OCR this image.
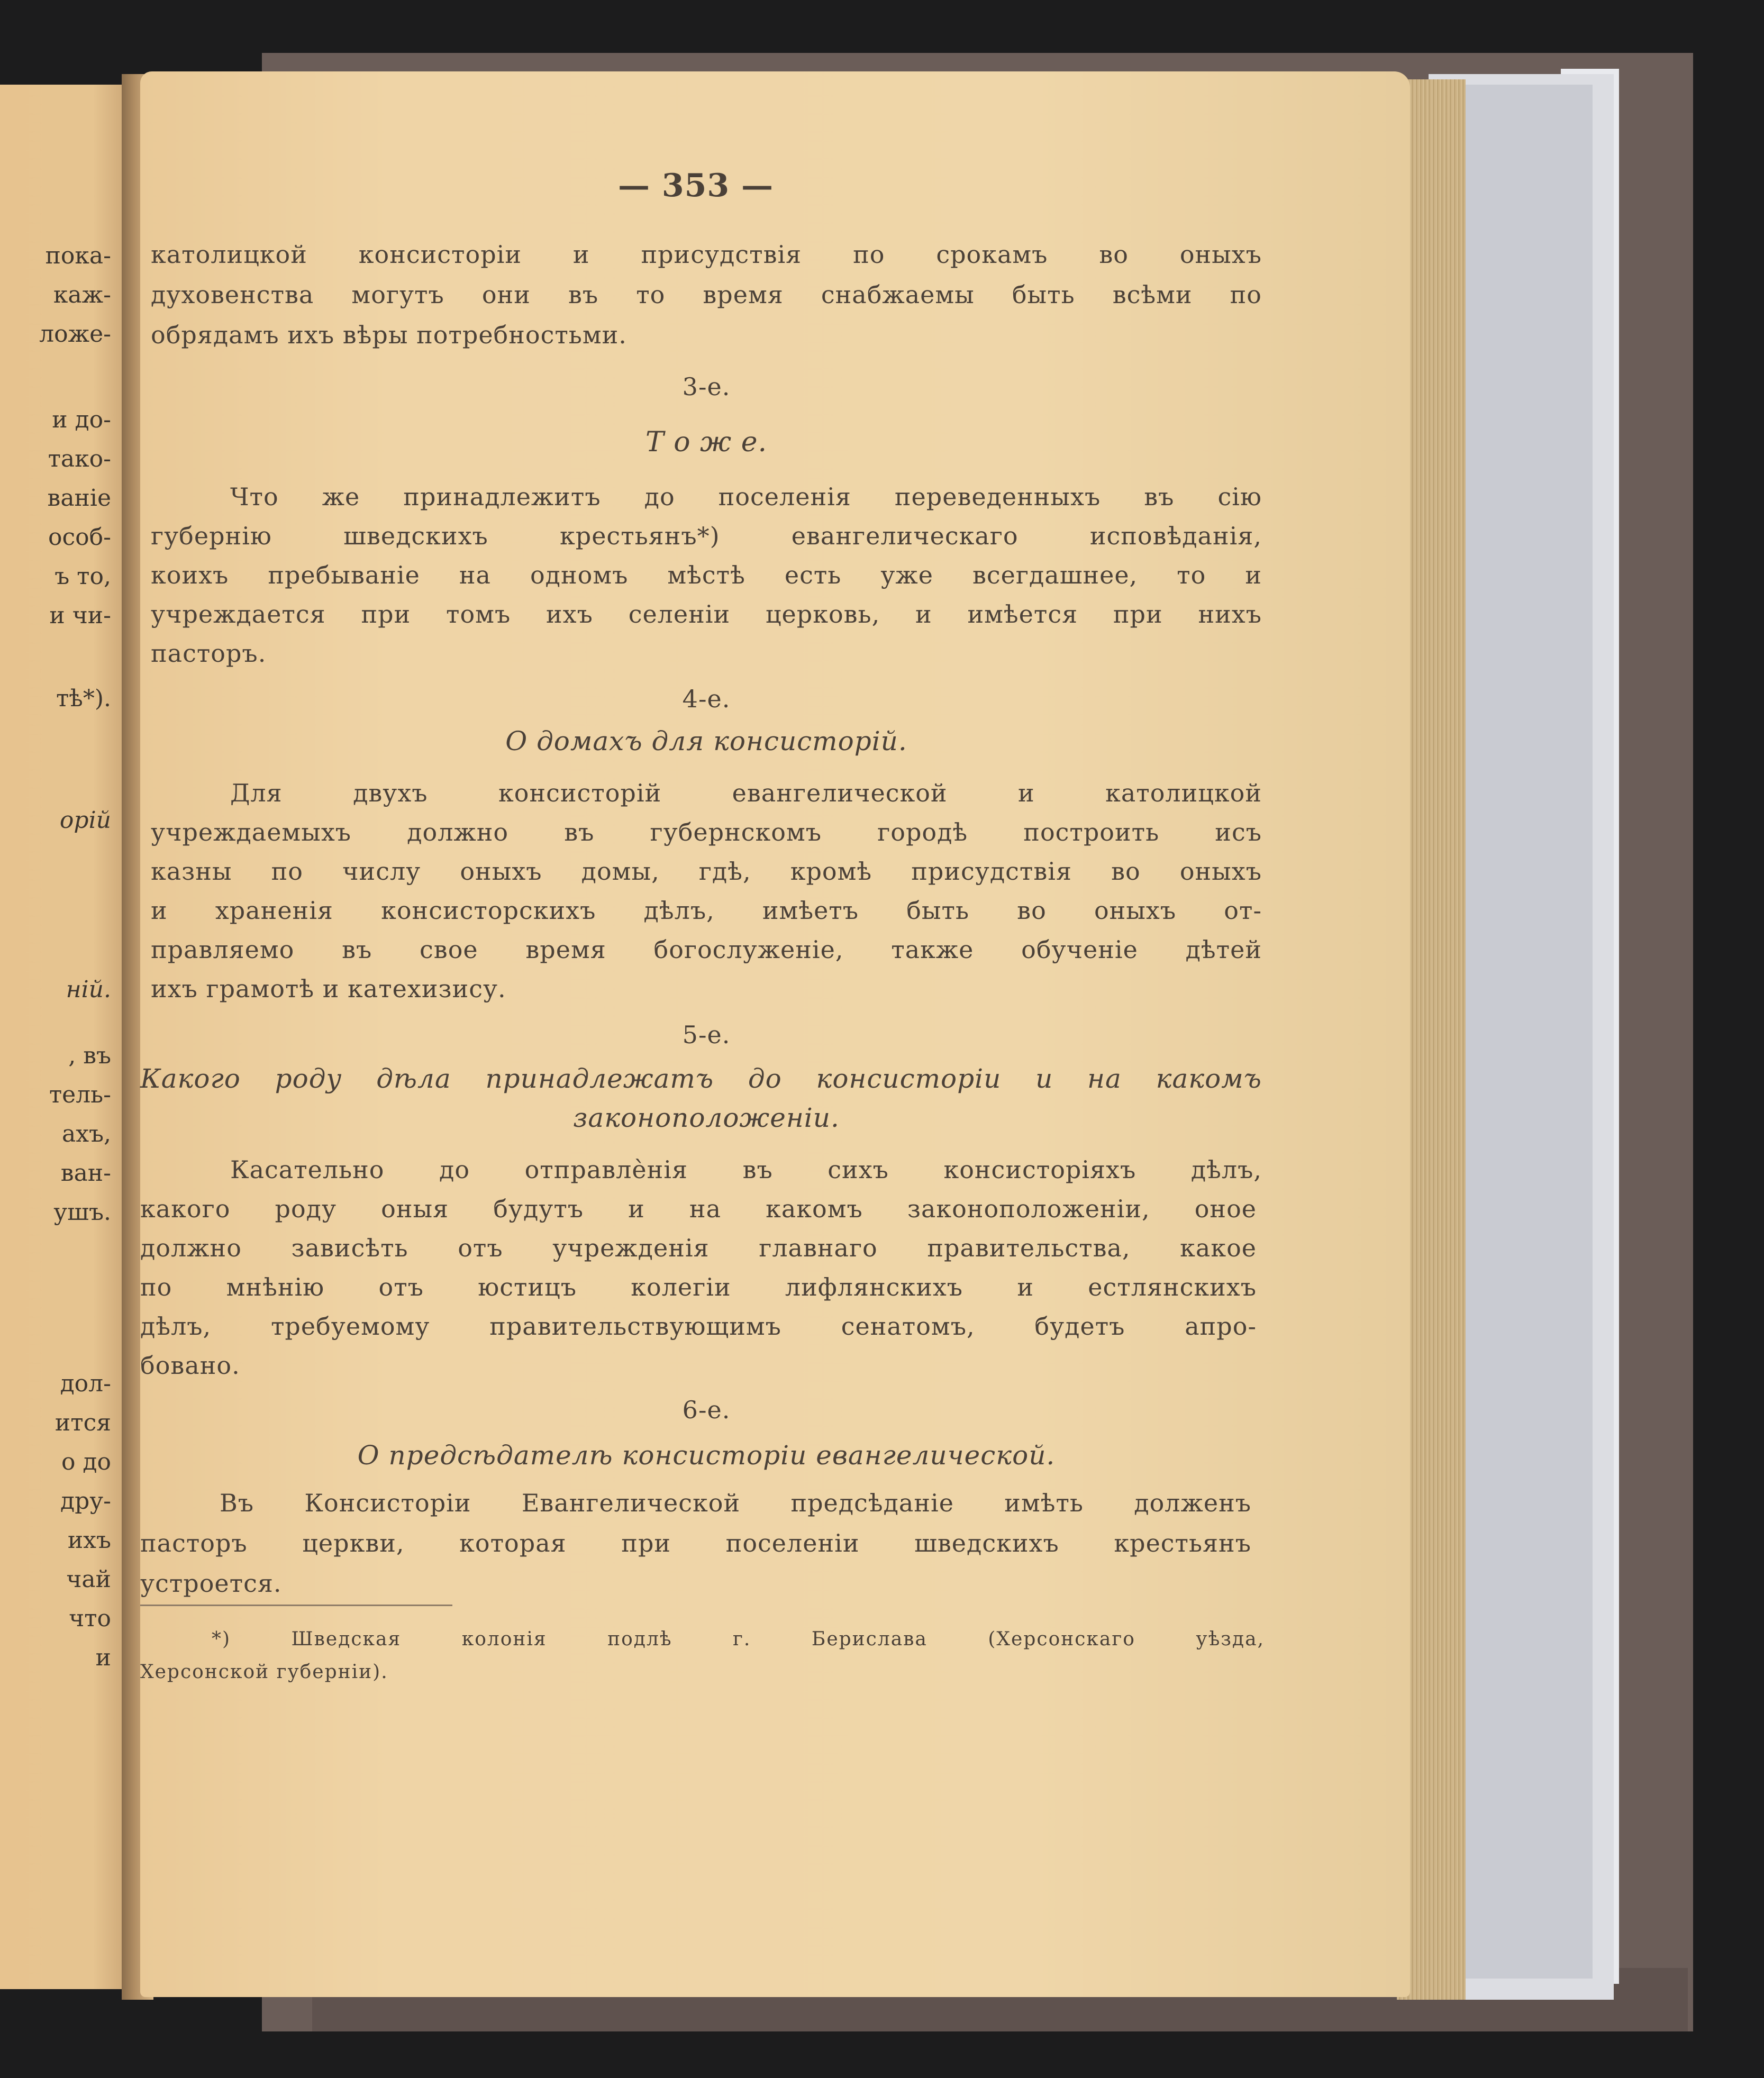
пока-
каж-
ложе-
и до-
тако-
ваніе
особ-
ъ то,
и чи-
тѣ*).
орій
ній.
, въ
тель-
ахъ,
ван-
ушъ.
дол-
ится
о до
дру-
ихъ
чай
что
и
— 353 —
католицкой консисторіи и присудствія по срокамъ во оныхъ
духовенства могутъ они въ то время снабжаемы быть всѣми по
обрядамъ ихъ вѣры потребностьми.
3-е.
Т о ж е.
Что же принадлежитъ до поселенія переведенныхъ въ сію
губернію шведскихъ крестьянъ*) евангелическаго исповѣданія,
коихъ пребываніе на одномъ мѣстѣ есть уже всегдашнее, то и
учреждается при томъ ихъ селеніи церковь, и имѣется при нихъ
пасторъ.
4-е.
О домахъ для консисторій.
Для двухъ консисторій евангелической и католицкой
учреждаемыхъ должно въ губернскомъ городѣ построить исъ
казны по числу оныхъ домы, гдѣ, кромѣ присудствія во оныхъ
и храненія консисторскихъ дѣлъ, имѣетъ быть во оныхъ от-
правляемо въ свое время богослуженіе, также обученіе дѣтей
ихъ грамотѣ и катехизису.
5-е.
Какого роду дѣла принадлежатъ до консисторіи и на какомъ
законоположеніи.
Касательно до отправлѐнія въ сихъ консисторіяхъ дѣлъ,
какого роду оныя будутъ и на какомъ законоположеніи, оное
должно зависѣть отъ учрежденія главнаго правительства, какое
по мнѣнію отъ юстицъ колегіи лифлянскихъ и естлянскихъ
дѣлъ, требуемому правительствующимъ сенатомъ, будетъ апро-
бовано.
6-е.
О предсѣдателѣ консисторіи евангелической.
Въ Консисторіи Евангелической предсѣданіе имѣть долженъ
пасторъ церкви, которая при поселеніи шведскихъ крестьянъ
устроется.
*) Шведская колонія подлѣ г. Берислава (Херсонскаго уѣзда,
Херсонской губерніи).
